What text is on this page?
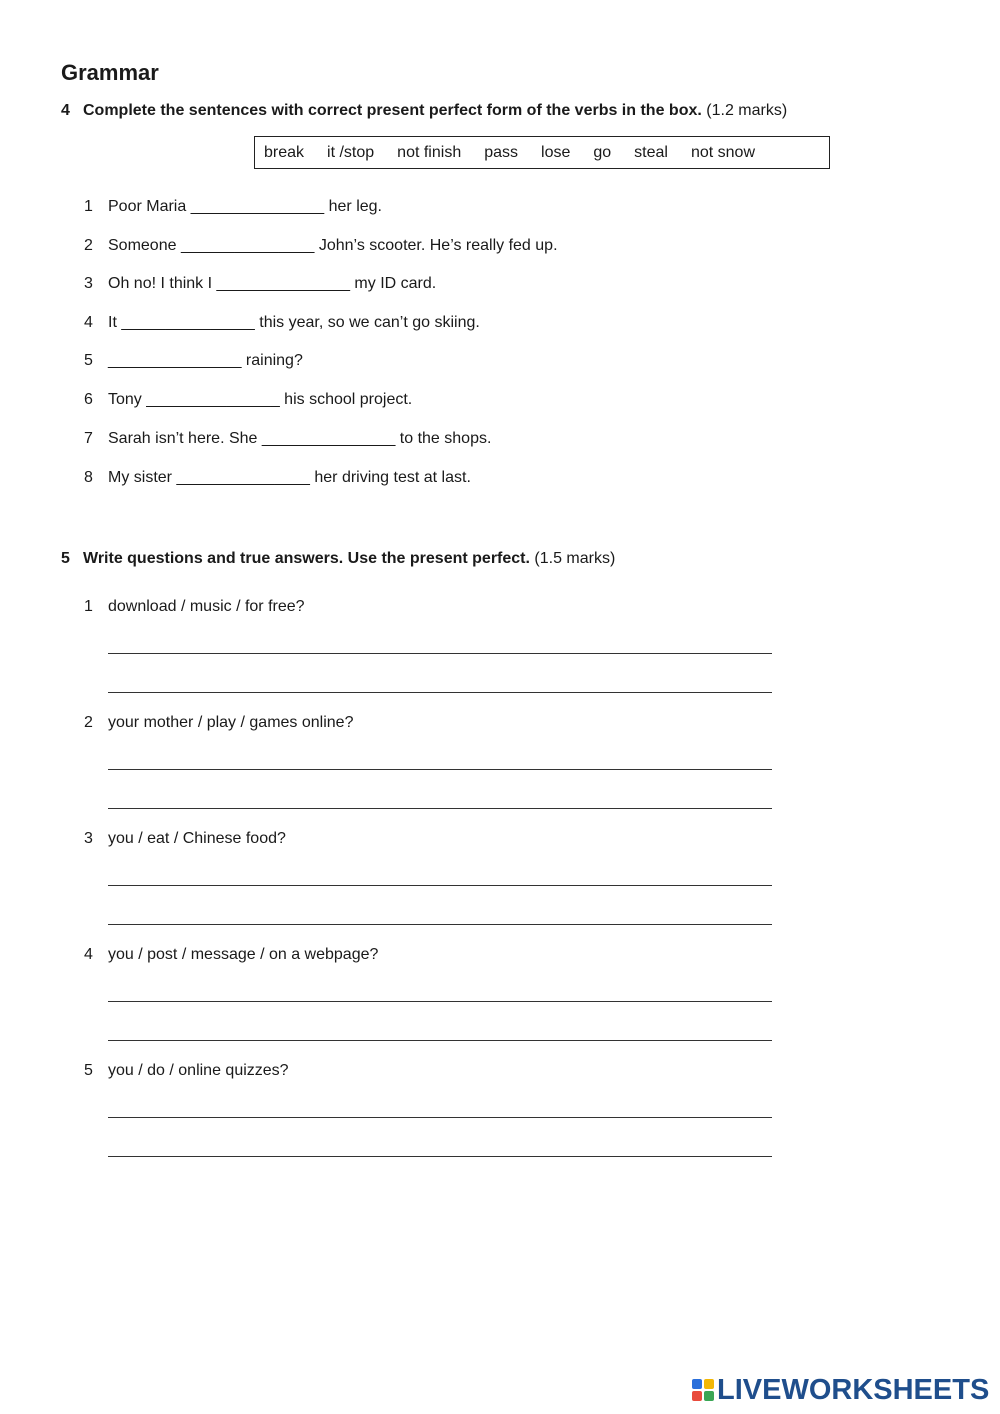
Grammar
4 Complete the sentences with correct present perfect form of the verbs in the box. (1.2 marks)
break it /stop not finish pass lose go steal not snow
1 Poor Maria _______________ her leg.
2 Someone _______________ John’s scooter. He’s really fed up.
3 Oh no! I think I _______________ my ID card.
4 It _______________ this year, so we can’t go skiing.
5 _______________ raining?
6 Tony _______________ his school project.
7 Sarah isn’t here. She _______________ to the shops.
8 My sister _______________ her driving test at last.
5 Write questions and true answers. Use the present perfect. (1.5 marks)
1 download / music / for free?
2 your mother / play / games online?
3 you / eat / Chinese food?
4 you / post / message / on a webpage?
5 you / do / online quizzes?
LIVEWORKSHEETS
